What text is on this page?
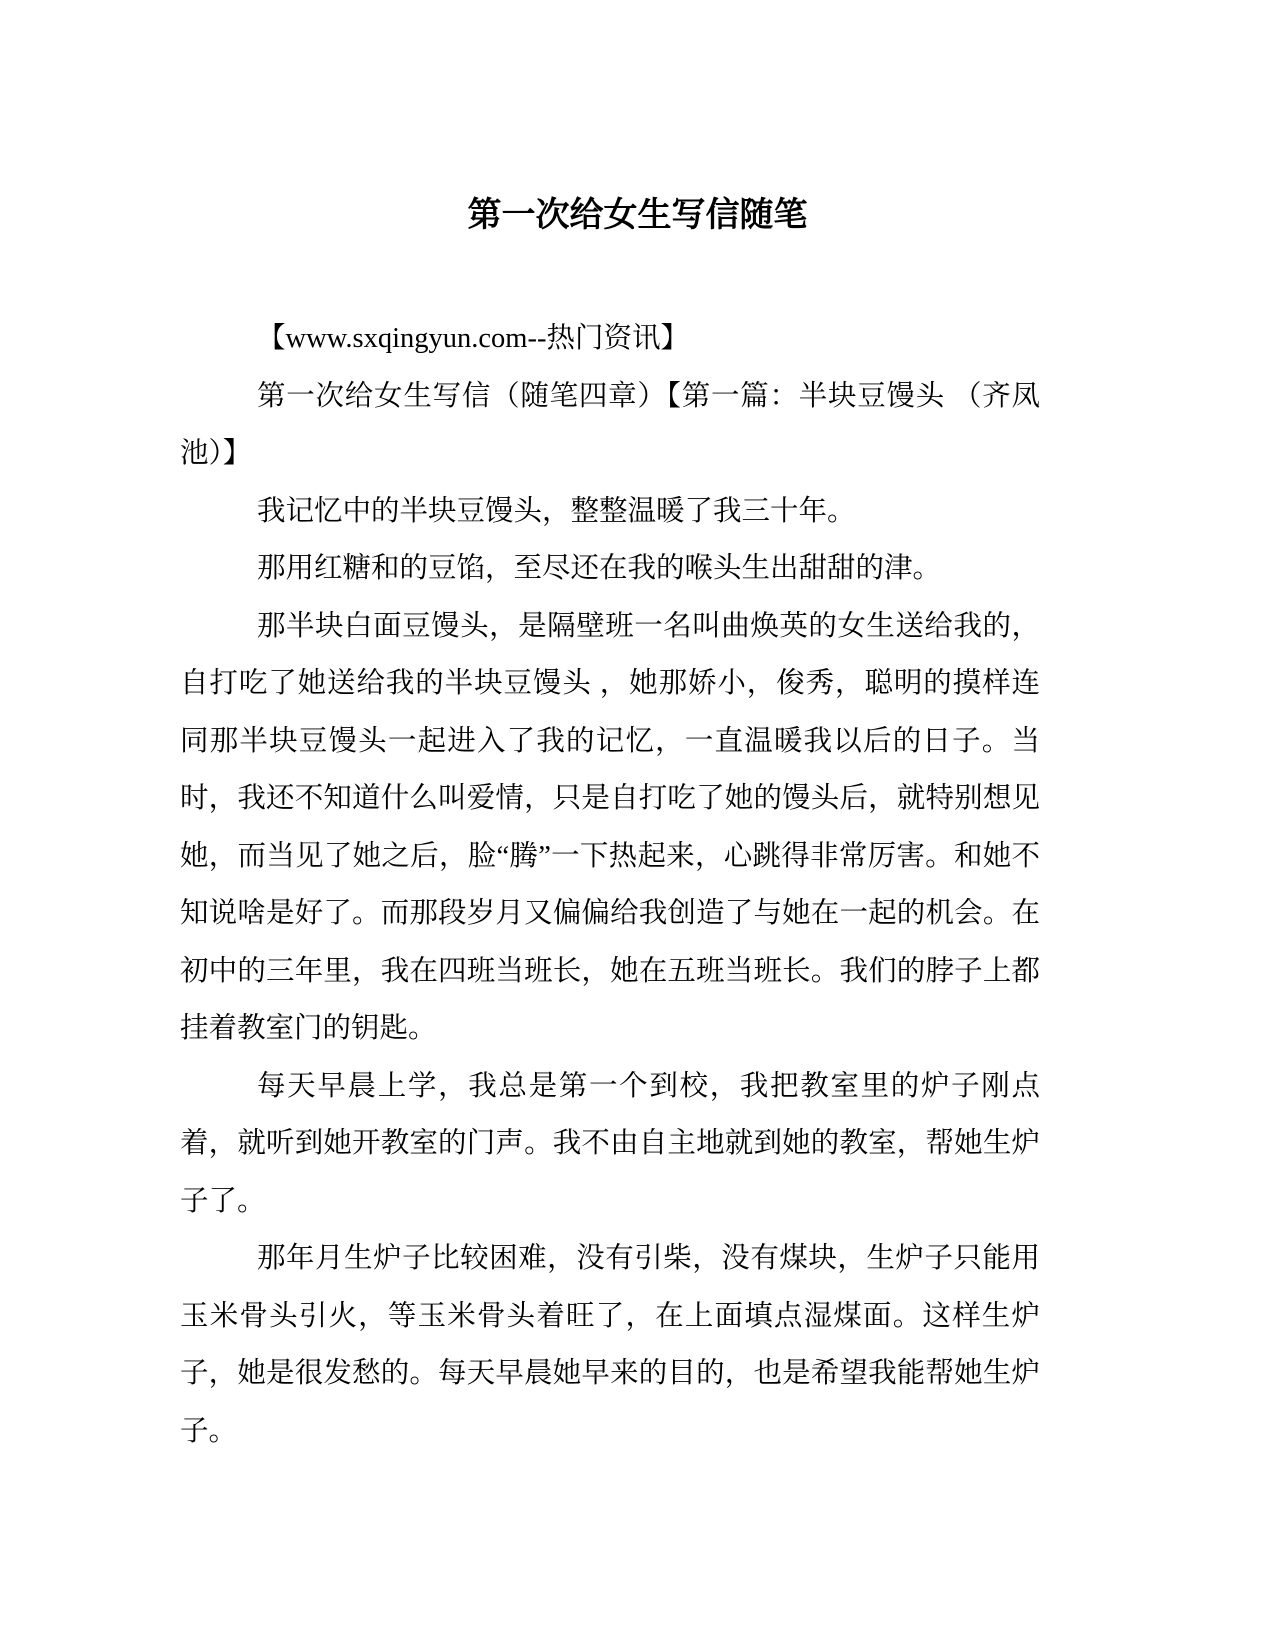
第一次给女生写信随笔

【www.sxqingyun.com--热门资讯】

第一次给女生写信（随笔四章）【第一篇：半块豆馒头 （齐凤池）】

我记忆中的半块豆馒头，整整温暖了我三十年。

那用红糖和的豆馅，至尽还在我的喉头生出甜甜的津。

那半块白面豆馒头，是隔壁班一名叫曲焕英的女生送给我的，自打吃了她送给我的半块豆馒头 ，她那娇小，俊秀，聪明的摸样连同那半块豆馒头一起进入了我的记忆，一直温暖我以后的日子。当时，我还不知道什么叫爱情，只是自打吃了她的馒头后，就特别想见她，而当见了她之后，脸“腾”一下热起来，心跳得非常厉害。和她不知说啥是好了。而那段岁月又偏偏给我创造了与她在一起的机会。在初中的三年里，我在四班当班长，她在五班当班长。我们的脖子上都挂着教室门的钥匙。

每天早晨上学，我总是第一个到校，我把教室里的炉子刚点着，就听到她开教室的门声。我不由自主地就到她的教室，帮她生炉子了。

那年月生炉子比较困难，没有引柴，没有煤块，生炉子只能用玉米骨头引火，等玉米骨头着旺了，在上面填点湿煤面。这样生炉子，她是很发愁的。每天早晨她早来的目的，也是希望我能帮她生炉子。
